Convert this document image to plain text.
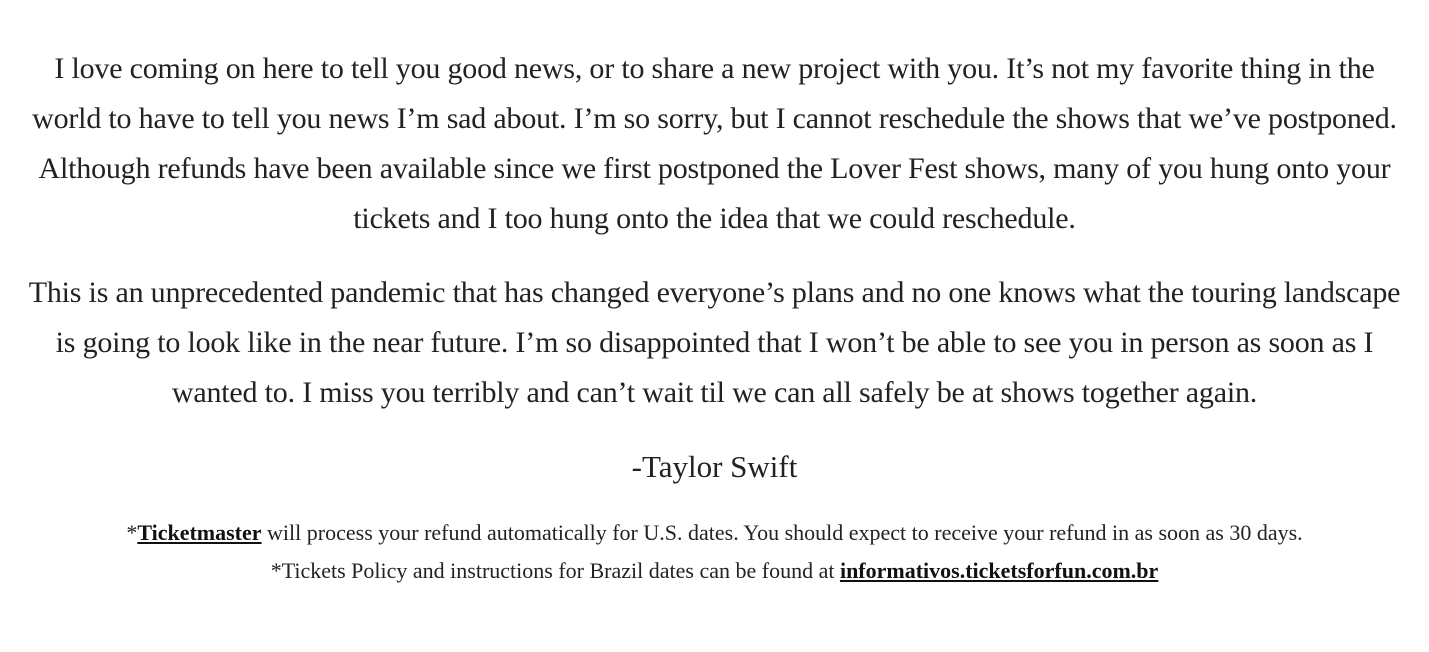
I love coming on here to tell you good news, or to share a new project with you. It’s not my favorite thing in the world to have to tell you news I’m sad about. I’m so sorry, but I cannot reschedule the shows that we’ve postponed. Although refunds have been available since we first postponed the Lover Fest shows, many of you hung onto your tickets and I too hung onto the idea that we could reschedule.

This is an unprecedented pandemic that has changed everyone’s plans and no one knows what the touring landscape is going to look like in the near future. I’m so disappointed that I won’t be able to see you in person as soon as I wanted to. I miss you terribly and can’t wait til we can all safely be at shows together again.

-Taylor Swift

*Ticketmaster will process your refund automatically for U.S. dates. You should expect to receive your refund in as soon as 30 days.

*Tickets Policy and instructions for Brazil dates can be found at informativos.ticketsforfun.com.br
